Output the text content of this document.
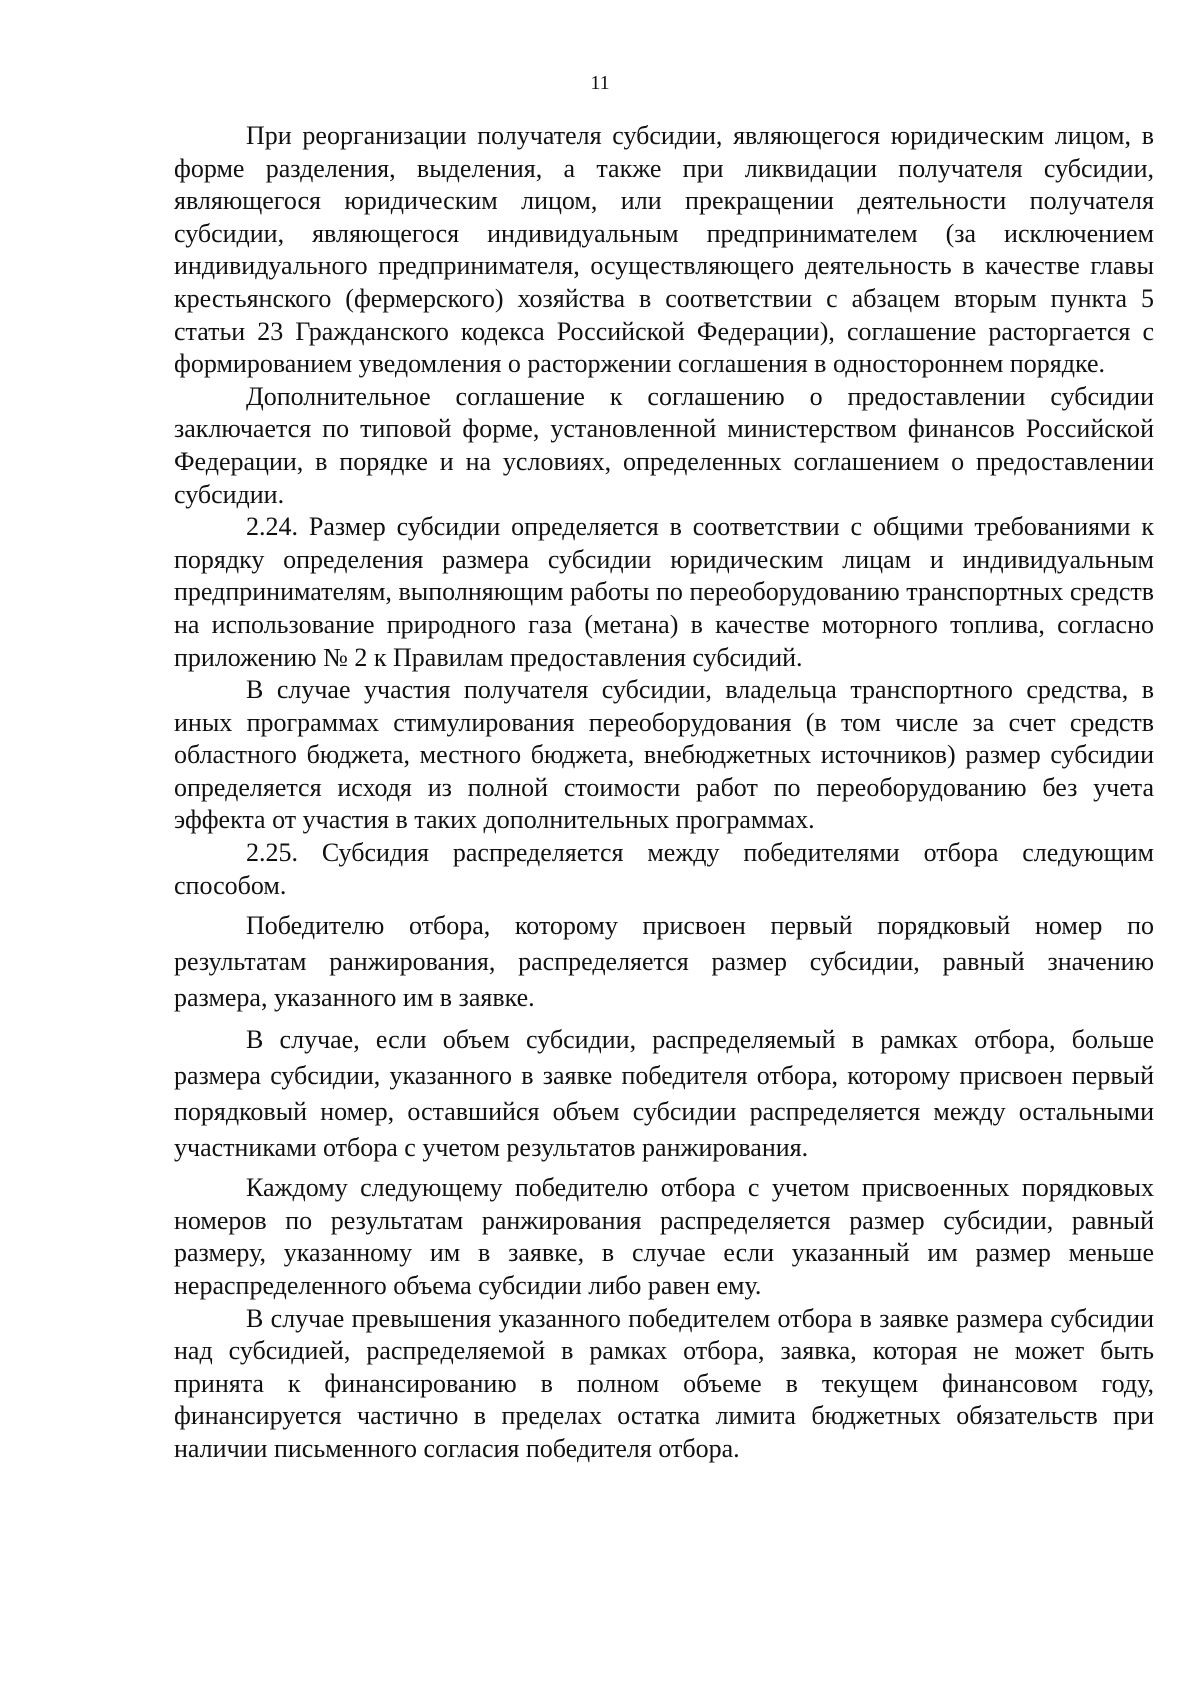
11

При реорганизации получателя субсидии, являющегося юридическим лицом, в форме разделения, выделения, а также при ликвидации получателя субсидии, являющегося юридическим лицом, или прекращении деятельности получателя субсидии, являющегося индивидуальным предпринимателем (за исключением индивидуального предпринимателя, осуществляющего деятельность в качестве главы крестьянского (фермерского) хозяйства в соответствии с абзацем вторым пункта 5 статьи 23 Гражданского кодекса Российской Федерации), соглашение расторгается с формированием уведомления о расторжении соглашения в одностороннем порядке.

Дополнительное соглашение к соглашению о предоставлении субсидии заключается по типовой форме, установленной министерством финансов Российской Федерации, в порядке и на условиях, определенных соглашением о предоставлении субсидии.

2.24. Размер субсидии определяется в соответствии с общими требованиями к порядку определения размера субсидии юридическим лицам и индивидуальным предпринимателям, выполняющим работы по переоборудованию транспортных средств на использование природного газа (метана) в качестве моторного топлива, согласно приложению № 2 к Правилам предоставления субсидий.

В случае участия получателя субсидии, владельца транспортного средства, в иных программах стимулирования переоборудования (в том числе за счет средств областного бюджета, местного бюджета, внебюджетных источников) размер субсидии определяется исходя из полной стоимости работ по переоборудованию без учета эффекта от участия в таких дополнительных программах.

2.25. Субсидия распределяется между победителями отбора следующим способом.

Победителю отбора, которому присвоен первый порядковый номер по результатам ранжирования, распределяется размер субсидии, равный значению размера, указанного им в заявке.

В случае, если объем субсидии, распределяемый в рамках отбора, больше размера субсидии, указанного в заявке победителя отбора, которому присвоен первый порядковый номер, оставшийся объем субсидии распределяется между остальными участниками отбора с учетом результатов ранжирования.

Каждому следующему победителю отбора с учетом присвоенных порядковых номеров по результатам ранжирования распределяется размер субсидии, равный размеру, указанному им в заявке, в случае если указанный им размер меньше нераспределенного объема субсидии либо равен ему.

В случае превышения указанного победителем отбора в заявке размера субсидии над субсидией, распределяемой в рамках отбора, заявка, которая не может быть принята к финансированию в полном объеме в текущем финансовом году, финансируется частично в пределах остатка лимита бюджетных обязательств при наличии письменного согласия победителя отбора.
